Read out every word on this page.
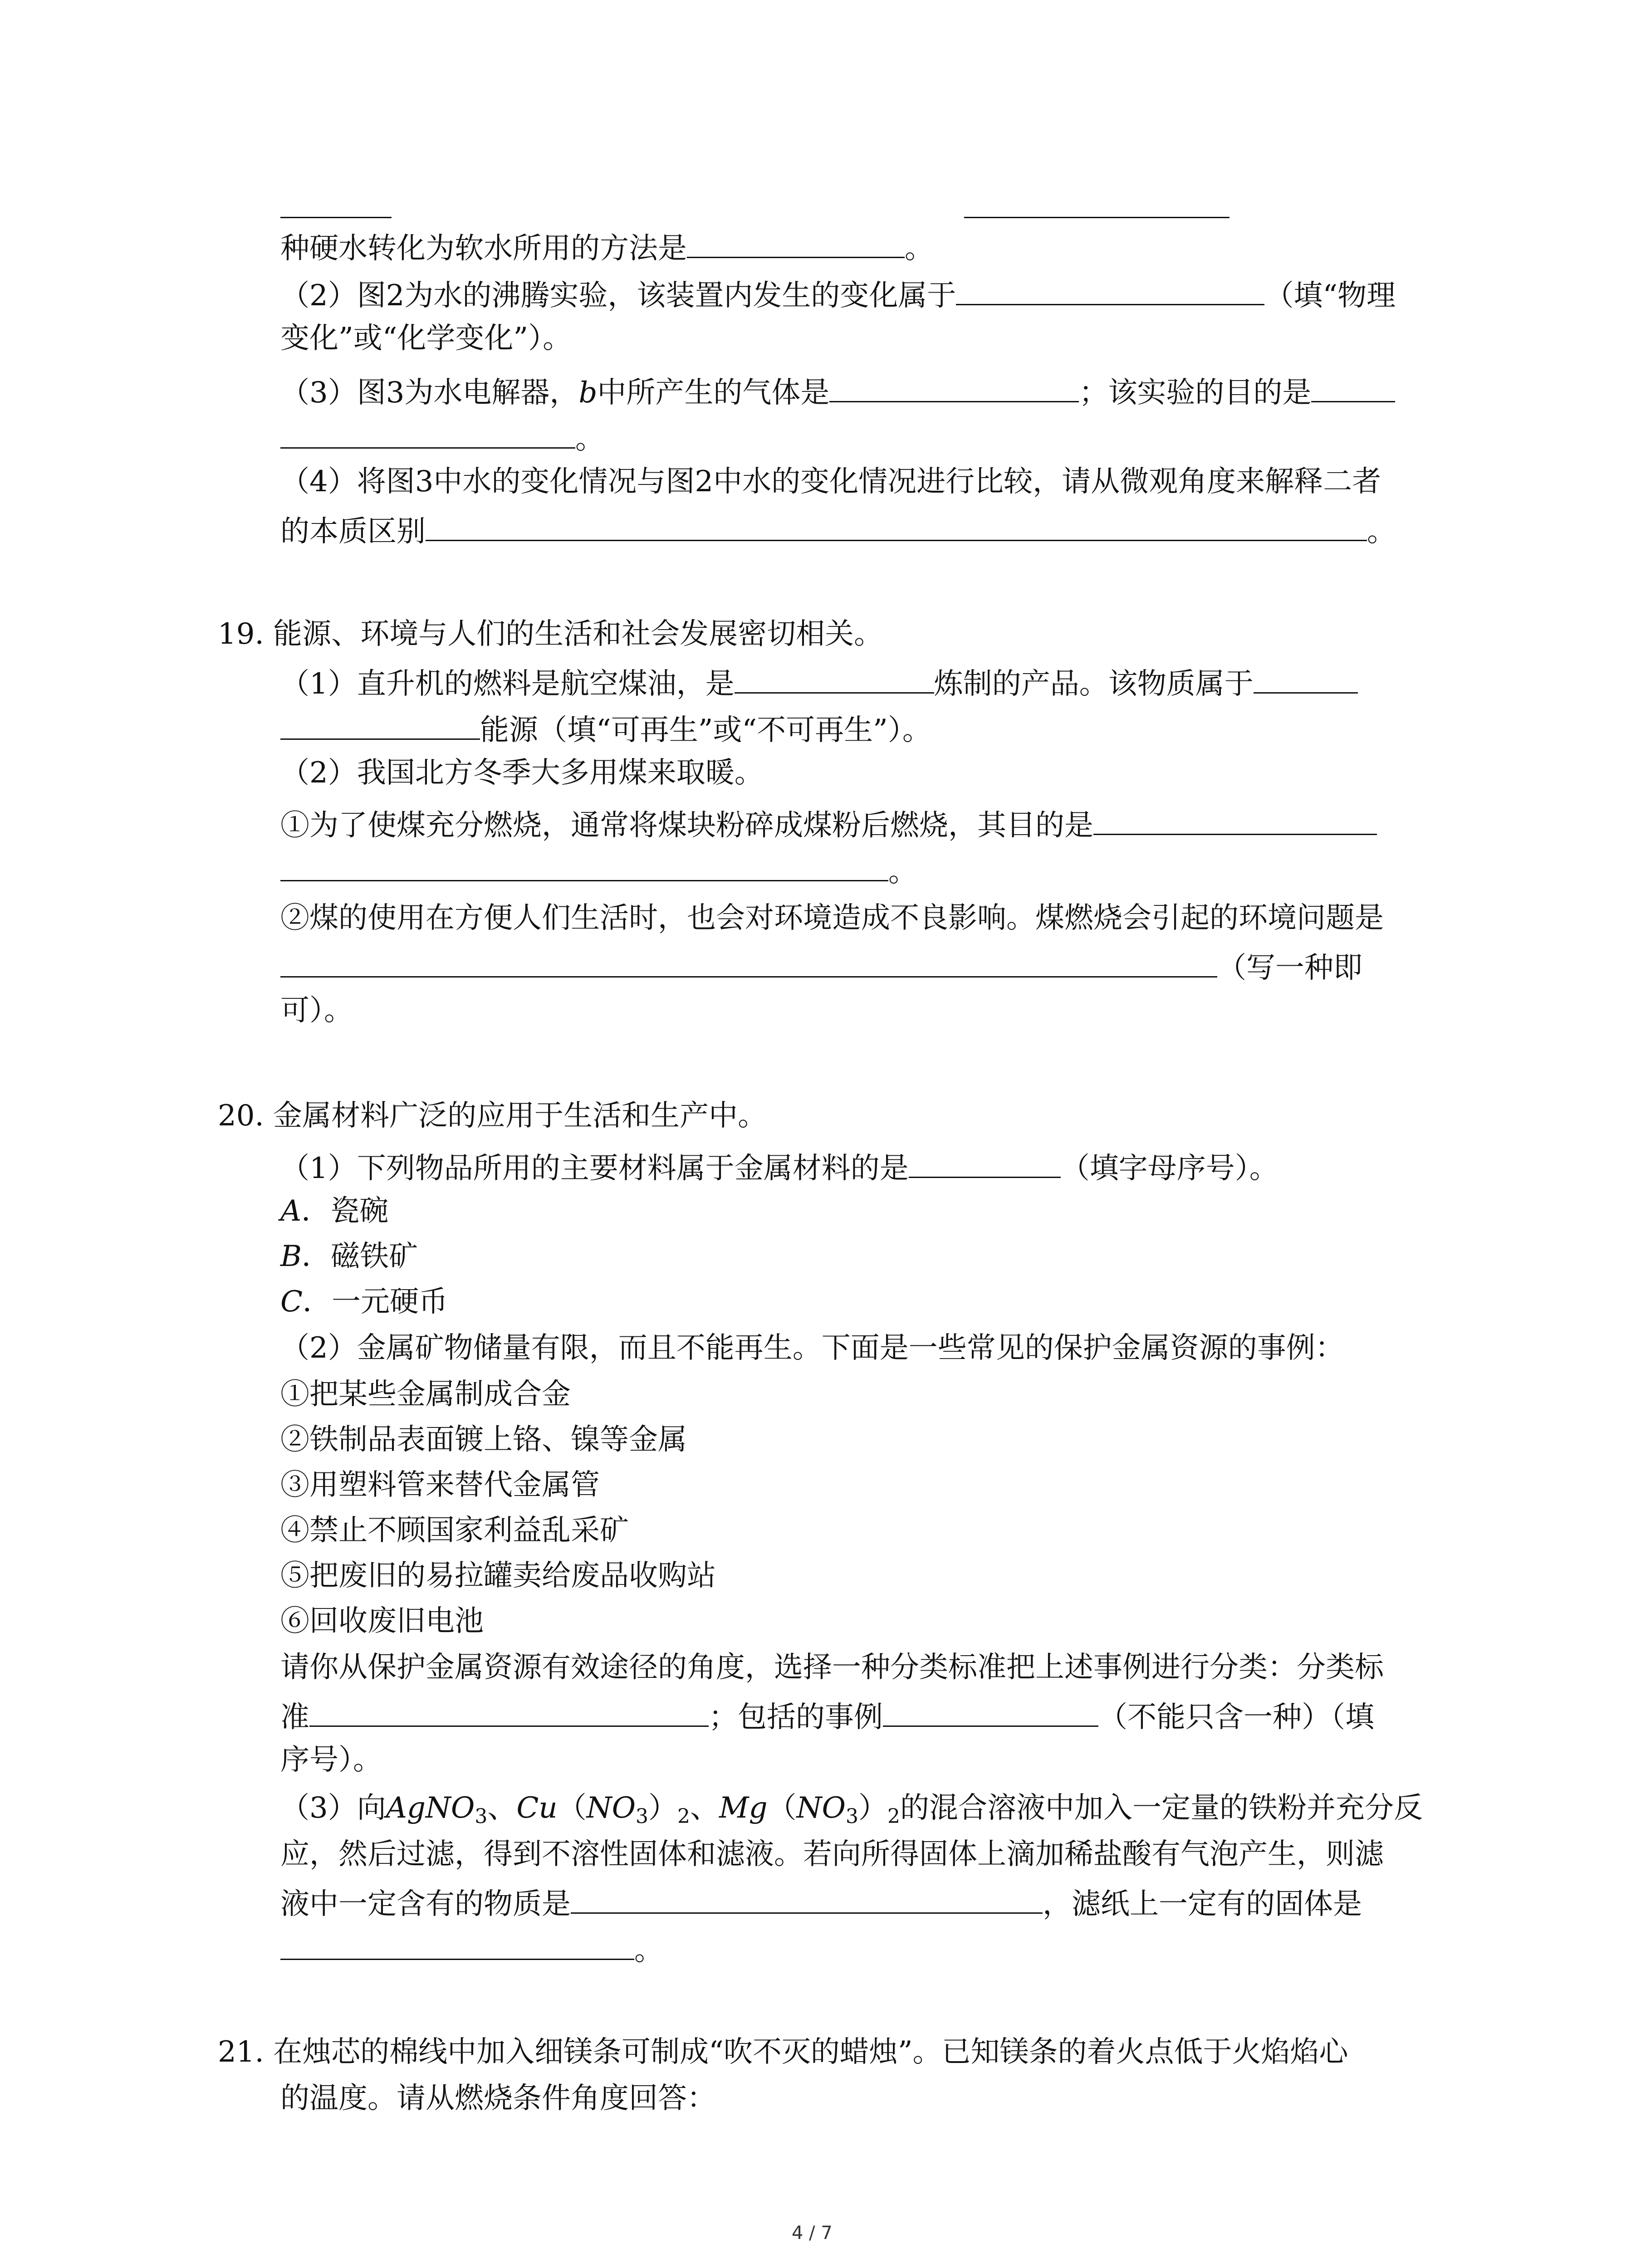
种硬水转化为软水所用的方法是	。
（2）图2为水的沸腾实验，该装置内发生的变化属于	（填“物理
变化”或“化学变化”）。
（3）图3为水电解器，b中所产生的气体是	；该实验的目的是
。
（4）将图3中水的变化情况与图2中水的变化情况进行比较，请从微观角度来解释二者
的本质区别	。
19. 能源、环境与人们的生活和社会发展密切相关。
（1）直升机的燃料是航空煤油，是	炼制的产品。该物质属于
能源（填“可再生”或“不可再生”）。
（2）我国北方冬季大多用煤来取暖。
①为了使煤充分燃烧，通常将煤块粉碎成煤粉后燃烧，其目的是
。
②煤的使用在方便人们生活时，也会对环境造成不良影响。煤燃烧会引起的环境问题是
（写一种即
可）。
20. 金属材料广泛的应用于生活和生产中。
（1）下列物品所用的主要材料属于金属材料的是	（填字母序号）。
A．瓷碗
B．磁铁矿
C．一元硬币
（2）金属矿物储量有限，而且不能再生。下面是一些常见的保护金属资源的事例：
①把某些金属制成合金
②铁制品表面镀上铬、镍等金属
③用塑料管来替代金属管
④禁止不顾国家利益乱采矿
⑤把废旧的易拉罐卖给废品收购站
⑥回收废旧电池
请你从保护金属资源有效途径的角度，选择一种分类标准把上述事例进行分类：分类标
准	；包括的事例	（不能只含一种）（填
序号）。
（3）向AgNO$_3$、$Cu(NO_3)_2$、$Mg(NO_3)_2$的混合溶液中加入一定量的铁粉并充分反
应，然后过滤，得到不溶性固体和滤液。若向所得固体上滴加稀盐酸有气泡产生，则滤
液中一定含有的物质是	，滤纸上一定有的固体是
。
21. 在烛芯的棉线中加入细镁条可制成“吹不灭的蜡烛”。已知镁条的着火点低于火焰焰心
的温度。请从燃烧条件角度回答：
4 / 7
